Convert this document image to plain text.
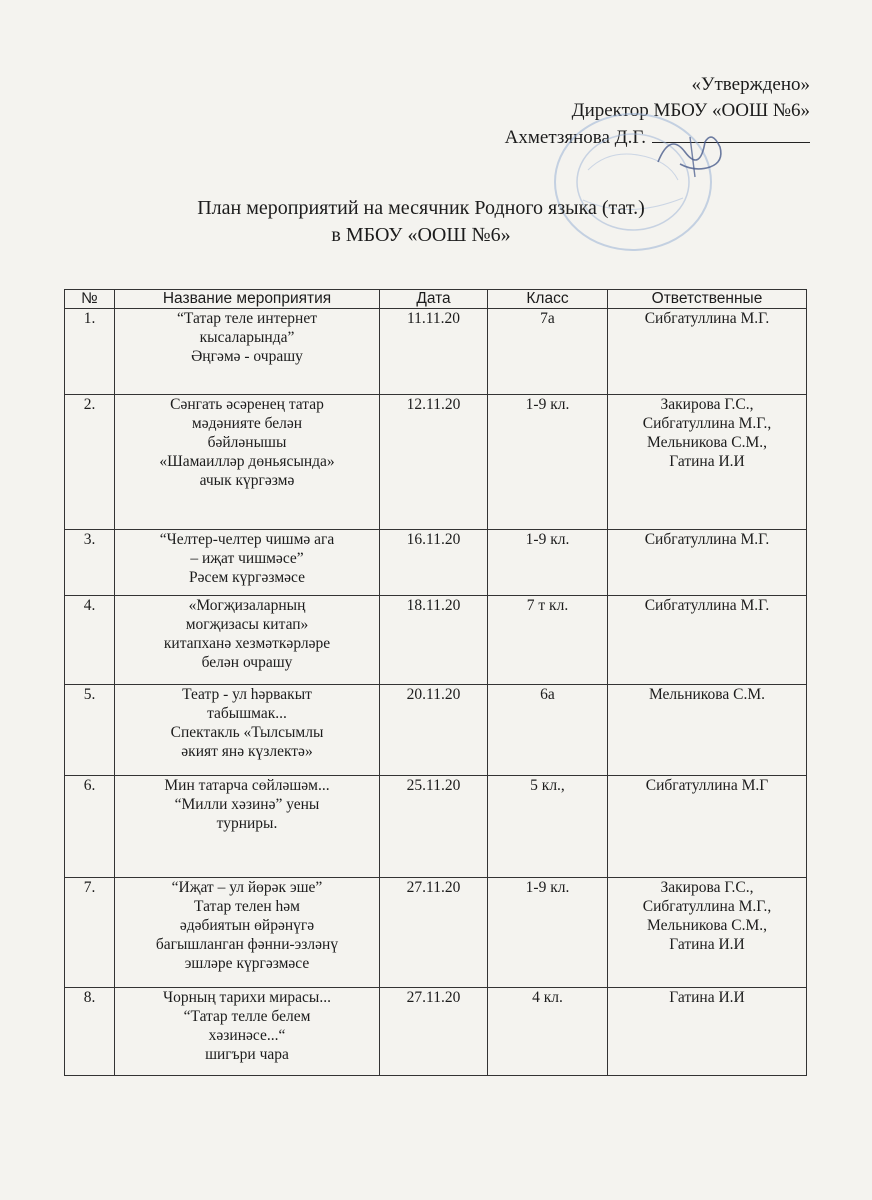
«Утверждено»
Директор МБОУ «ООШ №6»
Ахметзянова Д.Г.
План мероприятий на месячник Родного языка (тат.)
в МБОУ «ООШ №6»
№	Название мероприятия	Дата	Класс	Ответственные
1.	“Татар теле интернет
кысаларында”
Әңгәмә - очрашу	11.11.20	7а	Сибгатуллина М.Г.

2.	Сәнгать әсәренең татар
мәдәнияте белән
бәйләнышы
«Шамаилләр дөньясында»
ачык күргәзмә	12.11.20	1-9 кл.	Закирова Г.С.,
Сибгатуллина М.Г.,
Мельникова С.М.,
Гатина И.И

3.	“Челтер-челтер чишмә ага
– иҗат чишмәсе”
Рәсем күргәзмәсе	16.11.20	1-9 кл.	Сибгатуллина М.Г.

4.	«Могҗизаларның
могҗизасы китап»
китапханә хезмәткәрләре
белән очрашу	18.11.20	7 т кл.	Сибгатуллина М.Г.

5.	Театр - ул һәрвакыт
табышмак...
Спектакль «Тылсымлы
әкият янә күзлектә»	20.11.20	6а	Мельникова С.М.

6.	Мин татарча сөйләшәм...
“Милли хәзинә” уены
турниры.	25.11.20	5 кл.,	Сибгатуллина М.Г

7.	“Иҗат – ул йөрәк эше”
Татар телен һәм
әдәбиятын өйрәнүгә
багышланган фәнни-эзләнү
эшләре күргәзмәсе	27.11.20	1-9 кл.	Закирова Г.С.,
Сибгатуллина М.Г.,
Мельникова С.М.,
Гатина И.И

8.	Чорның тарихи мирасы...
“Татар телле белем
хәзинәсе...“
шигъри чара	27.11.20	4 кл.	Гатина И.И
